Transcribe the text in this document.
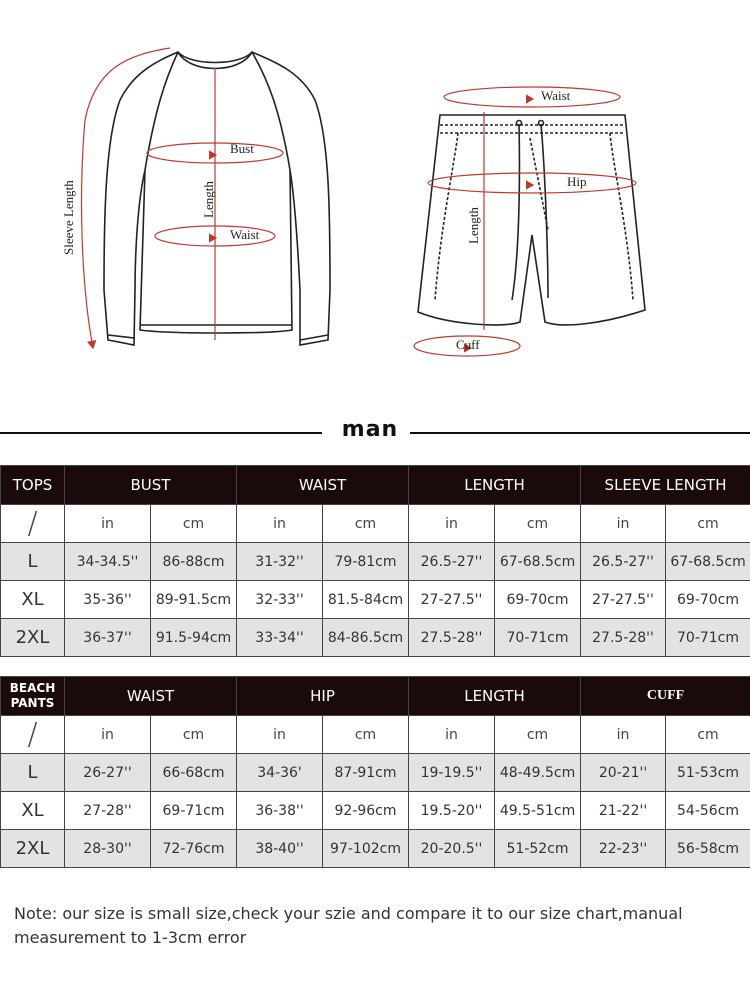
Sleeve Length	Length
Bust
Waist
Waist
Hip
Length
Cuff
man
TOPS	BUST		WAIST		LENGTH		SLEEVE LENGTH	
/	in	cm	in	cm	in	cm	in	cm
L	34-34.5''	86-88cm	31-32''	79-81cm	26.5-27''	67-68.5cm	26.5-27''	67-68.5cm
XL	35-36''	89-91.5cm	32-33''	81.5-84cm	27-27.5''	69-70cm	27-27.5''	69-70cm
2XL	36-37''	91.5-94cm	33-34''	84-86.5cm	27.5-28''	70-71cm	27.5-28''	70-71cm
BEACH PANTS	WAIST		HIP		LENGTH		CUFF	
/	in	cm	in	cm	in	cm	in	cm
L	26-27''	66-68cm	34-36'	87-91cm	19-19.5''	48-49.5cm	20-21''	51-53cm
XL	27-28''	69-71cm	36-38''	92-96cm	19.5-20''	49.5-51cm	21-22''	54-56cm
2XL	28-30''	72-76cm	38-40''	97-102cm	20-20.5''	51-52cm	22-23''	56-58cm
Note: our size is small size,check your szie and compare it to our size chart,manual measurement to 1-3cm error
